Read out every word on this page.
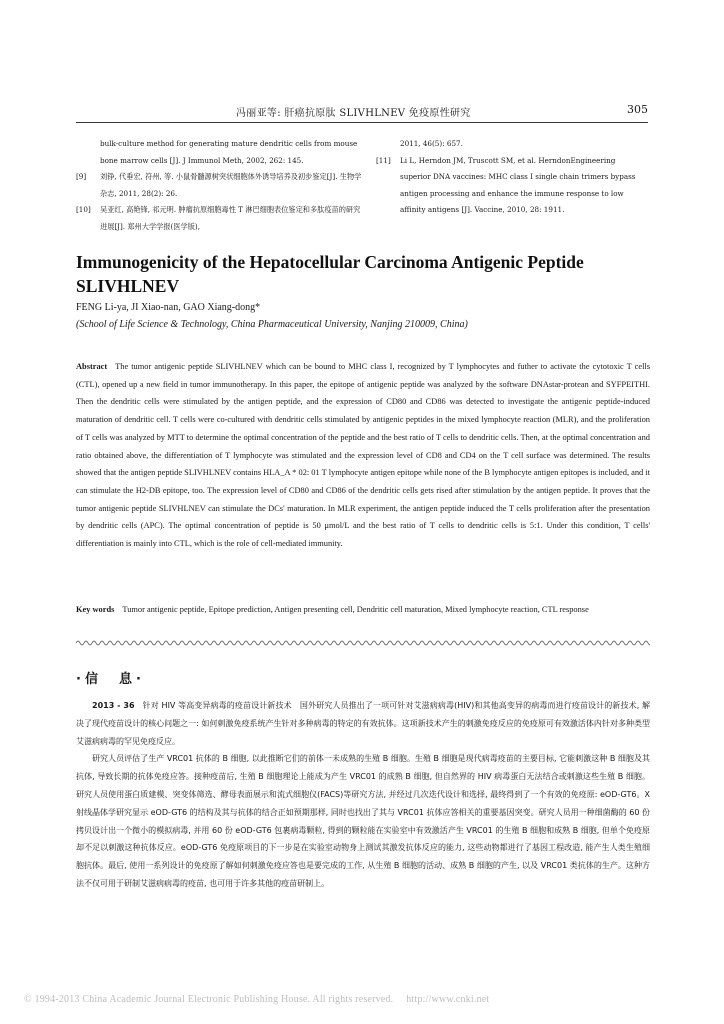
冯丽亚等: 肝癌抗原肽 SLIVHLNEV 免疫原性研究	305
bulk-culture method for generating mature dendritic cells from mouse bone marrow cells [J]. J Immunol Meth, 2002, 262: 145.
[9] 刘铮, 代垂宏, 符州, 等. 小鼠骨髓源树突状细胞体外诱导培养及初步鉴定[J]. 生物学杂志, 2011, 28(2): 26.
[10] 吴亚红, 高艳锋, 祁元明. 肿瘤抗原细胞毒性 T 淋巴细胞表位鉴定和多肽疫苗的研究进展[J]. 郑州大学学报(医学版),
2011, 46(5): 657.
[11] Li L, Herndon JM, Truscott SM, et al. HerndonEngineering superior DNA vaccines: MHC class I single chain trimers bypass antigen processing and enhance the immune response to low affinity antigens [J]. Vaccine, 2010, 28: 1911.
Immunogenicity of the Hepatocellular Carcinoma Antigenic Peptide SLIVHLNEV
FENG Li-ya, JI Xiao-nan, GAO Xiang-dong*
(School of Life Science & Technology, China Pharmaceutical University, Nanjing 210009, China)
Abstract The tumor antigenic peptide SLIVHLNEV which can be bound to MHC class I, recognized by T lymphocytes and futher to activate the cytotoxic T cells (CTL), opened up a new field in tumor immunotherapy. In this paper, the epitope of antigenic peptide was analyzed by the software DNAstar-protean and SYFPEITHI. Then the dendritic cells were stimulated by the antigen peptide, and the expression of CD80 and CD86 was detected to investigate the antigenic peptide-induced maturation of dendritic cell. T cells were co-cultured with dendritic cells stimulated by antigenic peptides in the mixed lymphocyte reaction (MLR), and the proliferation of T cells was analyzed by MTT to determine the optimal concentration of the peptide and the best ratio of T cells to dendritic cells. Then, at the optimal concentration and ratio obtained above, the differentiation of T lymphocyte was stimulated and the expression level of CD8 and CD4 on the T cell surface was determined. The results showed that the antigen peptide SLIVHLNEV contains HLA_A * 02: 01 T lymphocyte antigen epitope while none of the B lymphocyte antigen epitopes is included, and it can stimulate the H2-DB epitope, too. The expression level of CD80 and CD86 of the dendritic cells gets rised after stimulation by the antigen peptide. It proves that the tumor antigenic peptide SLIVHLNEV can stimulate the DCs' maturation. In MLR experiment, the antigen peptide induced the T cells proliferation after the presentation by dendritic cells (APC). The optimal concentration of peptide is 50 μmol/L and the best ratio of T cells to dendritic cells is 5:1. Under this condition, T cells' differentiation is mainly into CTL, which is the role of cell-mediated immunity.
Key words Tumor antigenic peptide, Epitope prediction, Antigen presenting cell, Dendritic cell maturation, Mixed lymphocyte reaction, CTL response
·信　息·

2013 - 36 针对 HIV 等高变异病毒的疫苗设计新技术　国外研究人员推出了一项可针对艾滋病病毒(HIV)和其他高变异的病毒而进行疫苗设计的新技术, 解决了现代疫苗设计的核心问题之一: 如何刺激免疫系统产生针对多种病毒的特定的有效抗体。这项新技术产生的刺激免疫反应的免疫原可有效激活体内针对多种类型艾滋病病毒的罕见免疫反应。

研究人员评估了生产 VRC01 抗体的 B 细胞, 以此推断它们的前体一未成熟的生殖 B 细胞。生殖 B 细胞是现代病毒疫苗的主要目标, 它能刺激这种 B 细胞及其抗体, 导致长期的抗体免疫应答。接种疫苗后, 生殖 B 细胞理论上能成为产生 VRC01 的成熟 B 细胞, 但自然界的 HIV 病毒蛋白无法结合或刺激这些生殖 B 细胞。研究人员使用蛋白质建模、突变体筛选、酵母表面展示和流式细胞仪(FACS)等研究方法, 并经过几次迭代设计和选择, 最终得到了一个有效的免疫原: eOD-GT6。X 射线晶体学研究显示 eOD-GT6 的结构及其与抗体的结合正如预期那样, 同时也找出了其与 VRC01 抗体应答相关的重要基因突变。研究人员用一种细菌酶的 60 份拷贝设计出一个微小的模拟病毒, 并用 60 份 eOD-GT6 包裹病毒颗粒, 得到的颗粒能在实验室中有效激活产生 VRC01 的生殖 B 细胞和成熟 B 细胞, 但单个免疫原却不足以刺激这种抗体反应。eOD-GT6 免疫原项目的下一步是在实验室动物身上测试其激发抗体反应的能力, 这些动物都进行了基因工程改造, 能产生人类生殖细胞抗体。最后, 使用一系列设计的免疫原了解如何刺激免疫应答也是要完成的工作, 从生殖 B 细胞的活动、成熟 B 细胞的产生, 以及 VRC01 类抗体的生产。这种方法不仅可用于研制艾滋病病毒的疫苗, 也可用于许多其他的疫苗研制上。

© 1994-2013 China Academic Journal Electronic Publishing House. All rights reserved.　 http://www.cnki.net
